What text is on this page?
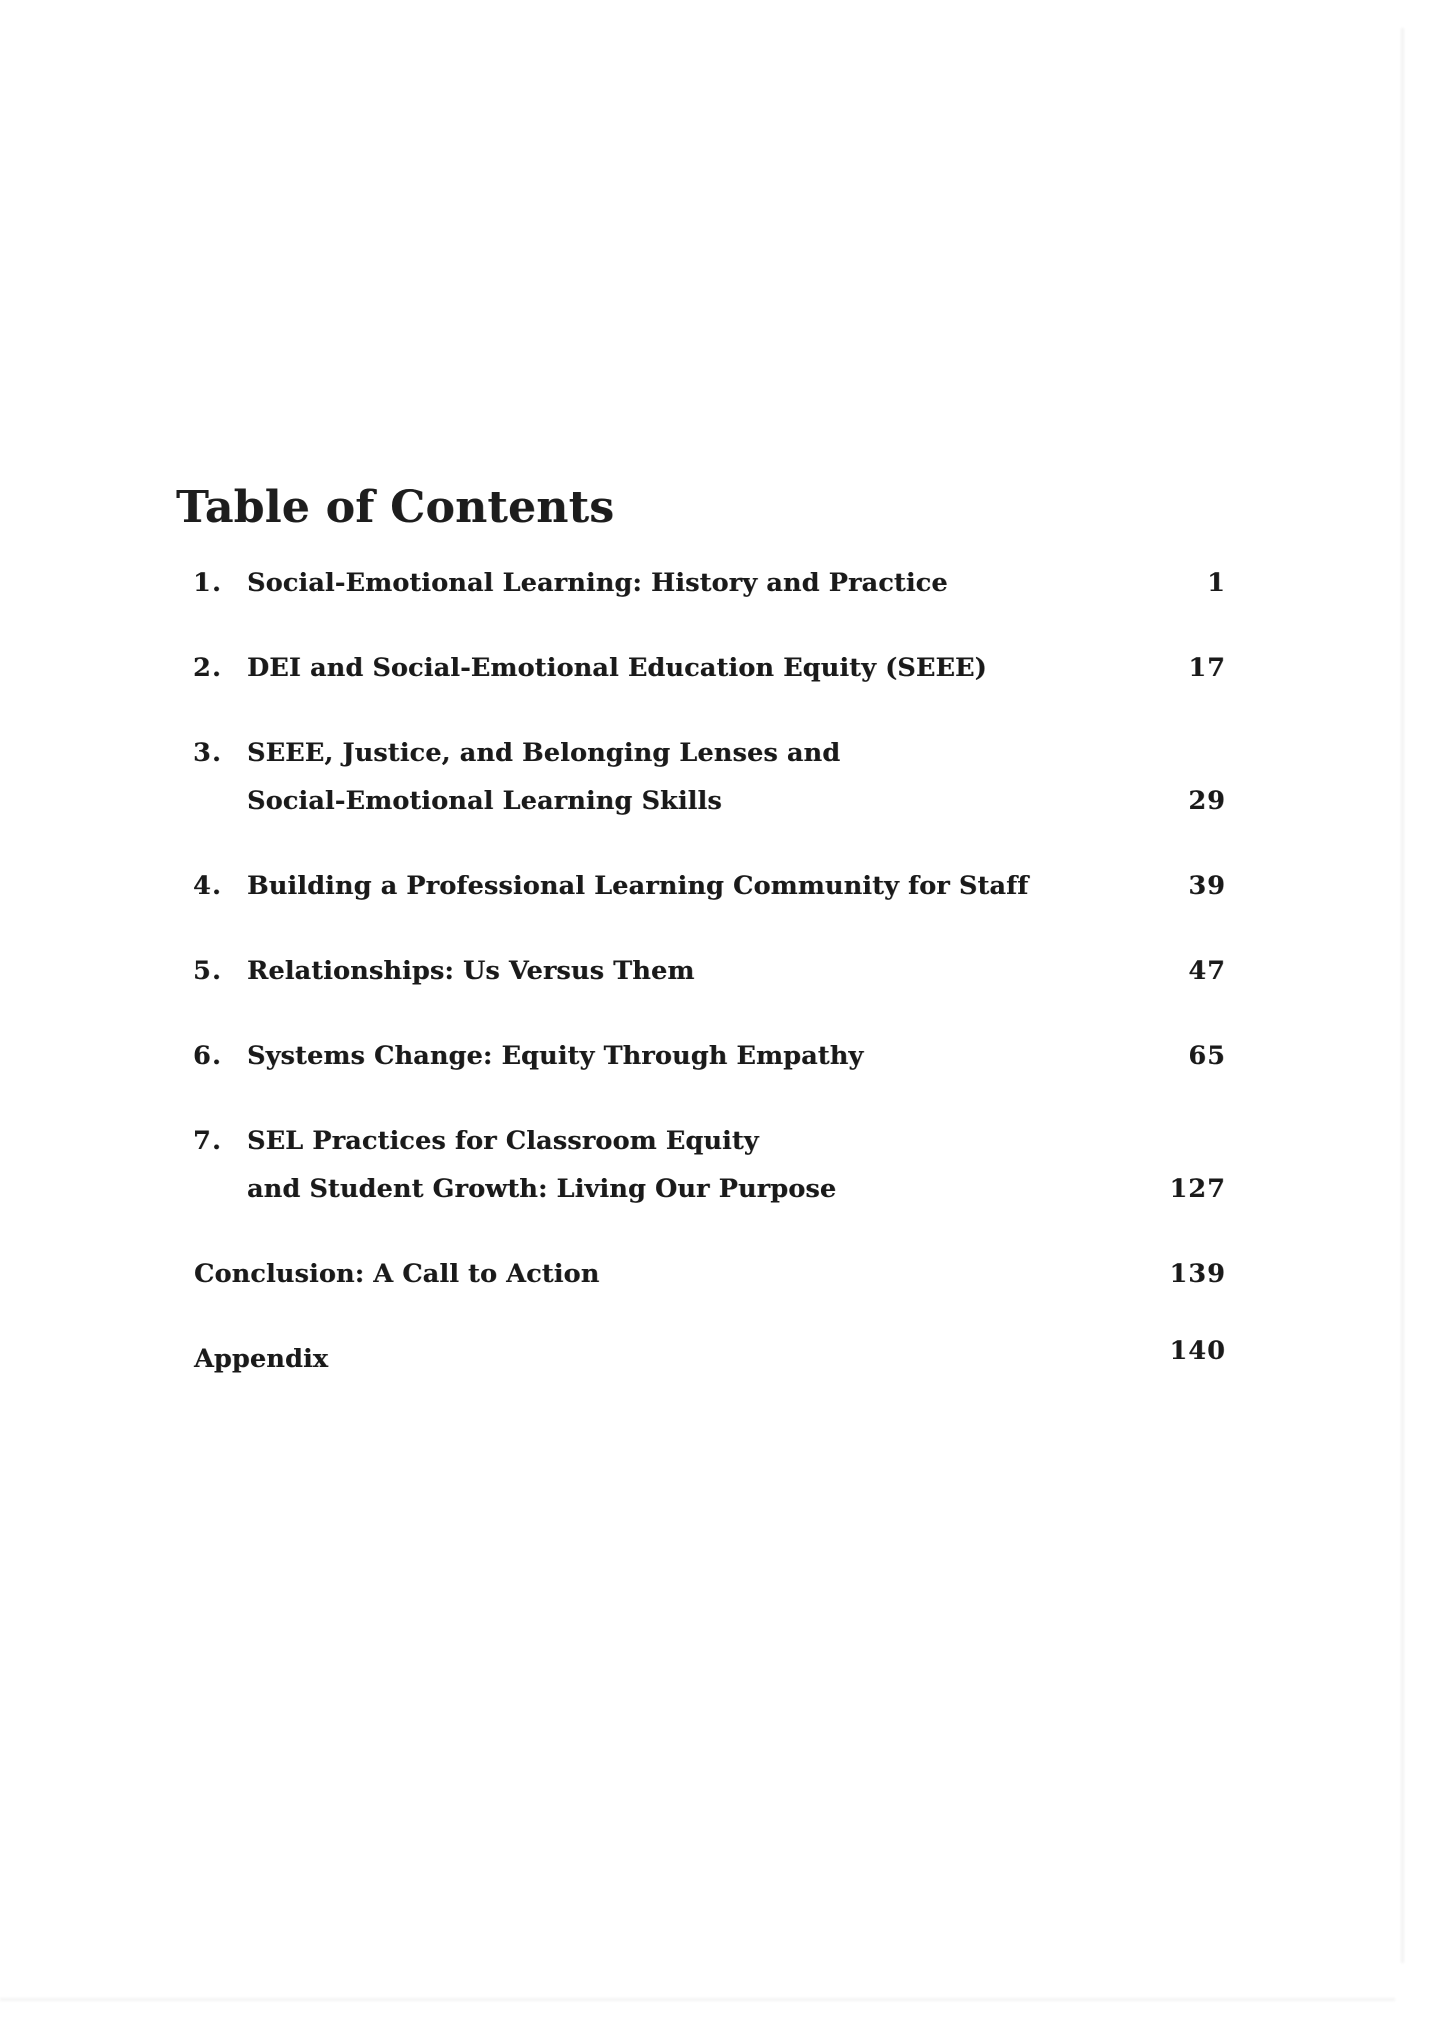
Table of Contents
1. Social-Emotional Learning: History and Practice	1
2. DEI and Social-Emotional Education Equity (SEEE)	17
3. SEEE, Justice, and Belonging Lenses and
Social-Emotional Learning Skills	29
4. Building a Professional Learning Community for Staff	39
5. Relationships: Us Versus Them	47
6. Systems Change: Equity Through Empathy	65
7. SEL Practices for Classroom Equity
and Student Growth: Living Our Purpose	127
Conclusion: A Call to Action	139
Appendix	140
